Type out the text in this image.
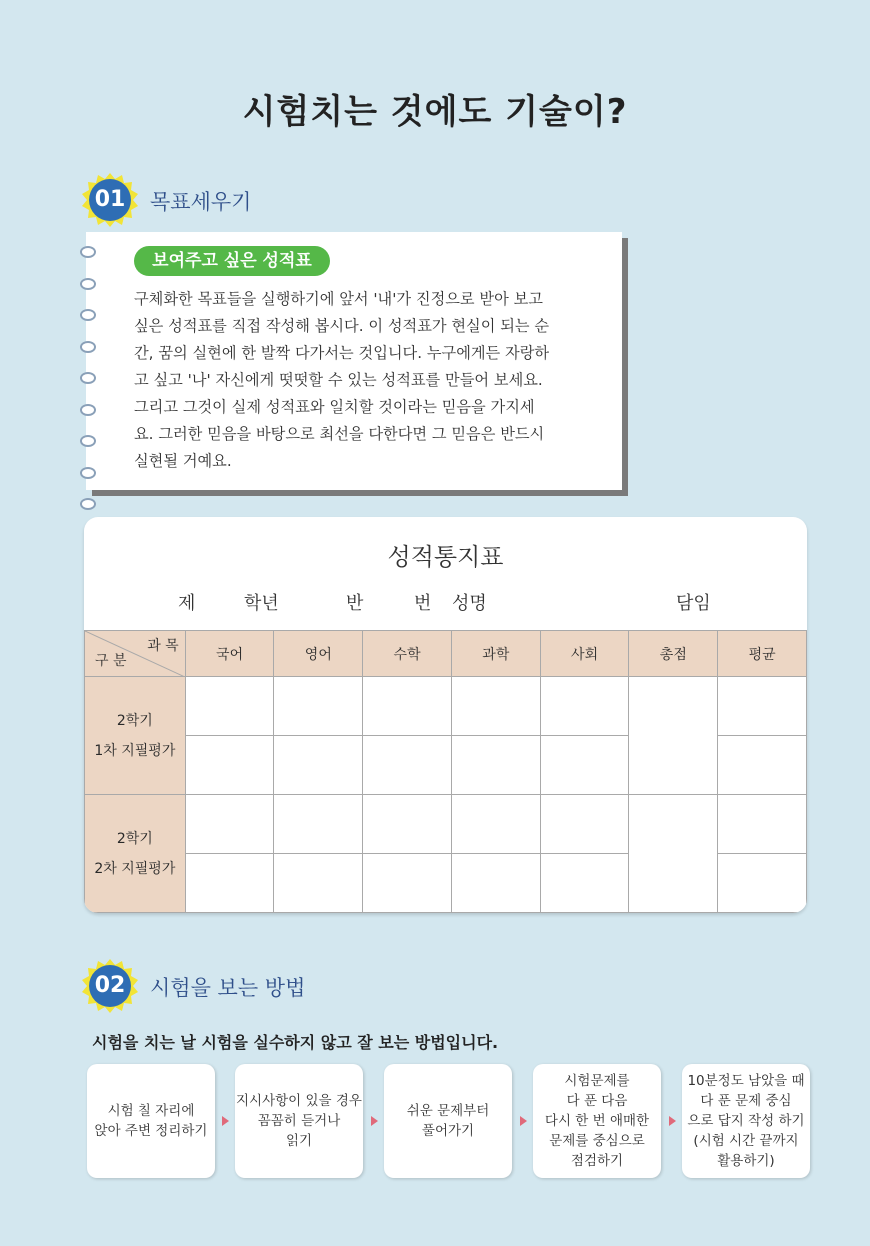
시험치는 것에도 기술이?
01	목표세우기
보여주고 싶은 성적표
구체화한 목표들을 실행하기에 앞서 '내'가 진정으로 받아 보고
싶은 성적표를 직접 작성해 봅시다. 이 성적표가 현실이 되는 순
간, 꿈의 실현에 한 발짝 다가서는 것입니다. 누구에게든 자랑하
고 싶고 '나' 자신에게 떳떳할 수 있는 성적표를 만들어 보세요.
그리고 그것이 실제 성적표와 일치할 것이라는 믿음을 가지세
요. 그러한 믿음을 바탕으로 최선을 다한다면 그 믿음은 반드시
실현될 거예요.
성적통지표
제	학년	반	번 성명	담임
과 목
구 분	국어	영어	수학	과학	사회	총점	평균

2학기
1차 지필평가							

2학기
2차 지필평가							

02	시험을 보는 방법
시험을 치는 날 시험을 실수하지 않고 잘 보는 방법입니다.
시험 칠 자리에
앉아 주변 정리하기
지시사항이 있을 경우
꼼꼼히 듣거나
읽기
쉬운 문제부터
풀어가기
시험문제를
다 푼 다음
다시 한 번 애매한
문제를 중심으로
점검하기
10분정도 남았을 때
다 푼 문제 중심
으로 답지 작성 하기
(시험 시간 끝까지
활용하기)
